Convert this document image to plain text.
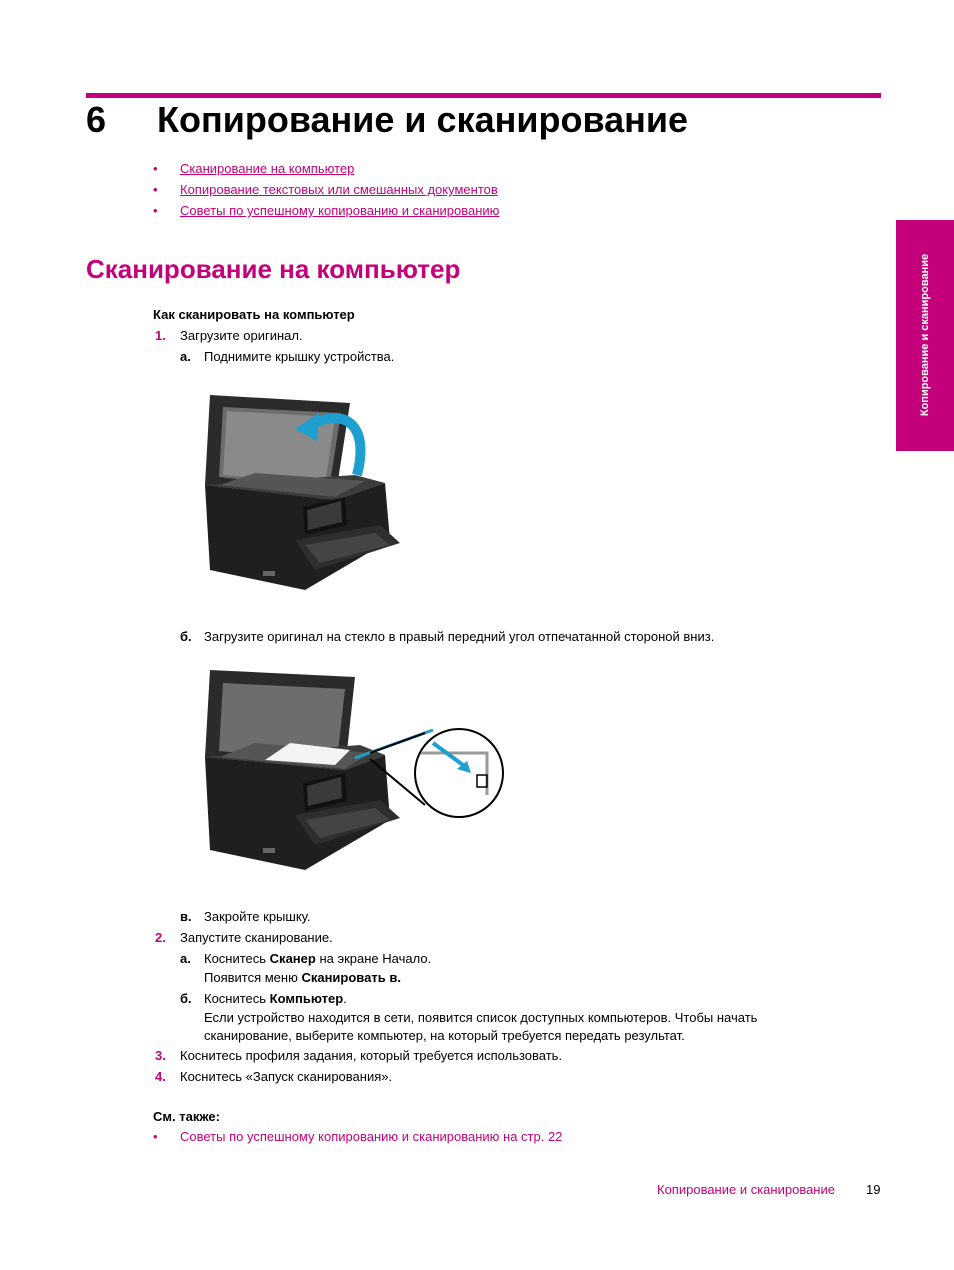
6 Копирование и сканирование
• Сканирование на компьютер
• Копирование текстовых или смешанных документов
• Советы по успешному копированию и сканированию
Копирование и сканирование
Сканирование на компьютер
Как сканировать на компьютер
1. Загрузите оригинал.
а. Поднимите крышку устройства.
б. Загрузите оригинал на стекло в правый передний угол отпечатанной стороной вниз.
в. Закройте крышку.
2. Запустите сканирование.
а. Коснитесь Сканер на экране Начало.
Появится меню Сканировать в.
б. Коснитесь Компьютер.
Если устройство находится в сети, появится список доступных компьютеров. Чтобы начать
сканирование, выберите компьютер, на который требуется передать результат.
3. Коснитесь профиля задания, который требуется использовать.
4. Коснитесь «Запуск сканирования».
См. также:
• Советы по успешному копированию и сканированию на стр. 22
Копирование и сканирование 19
